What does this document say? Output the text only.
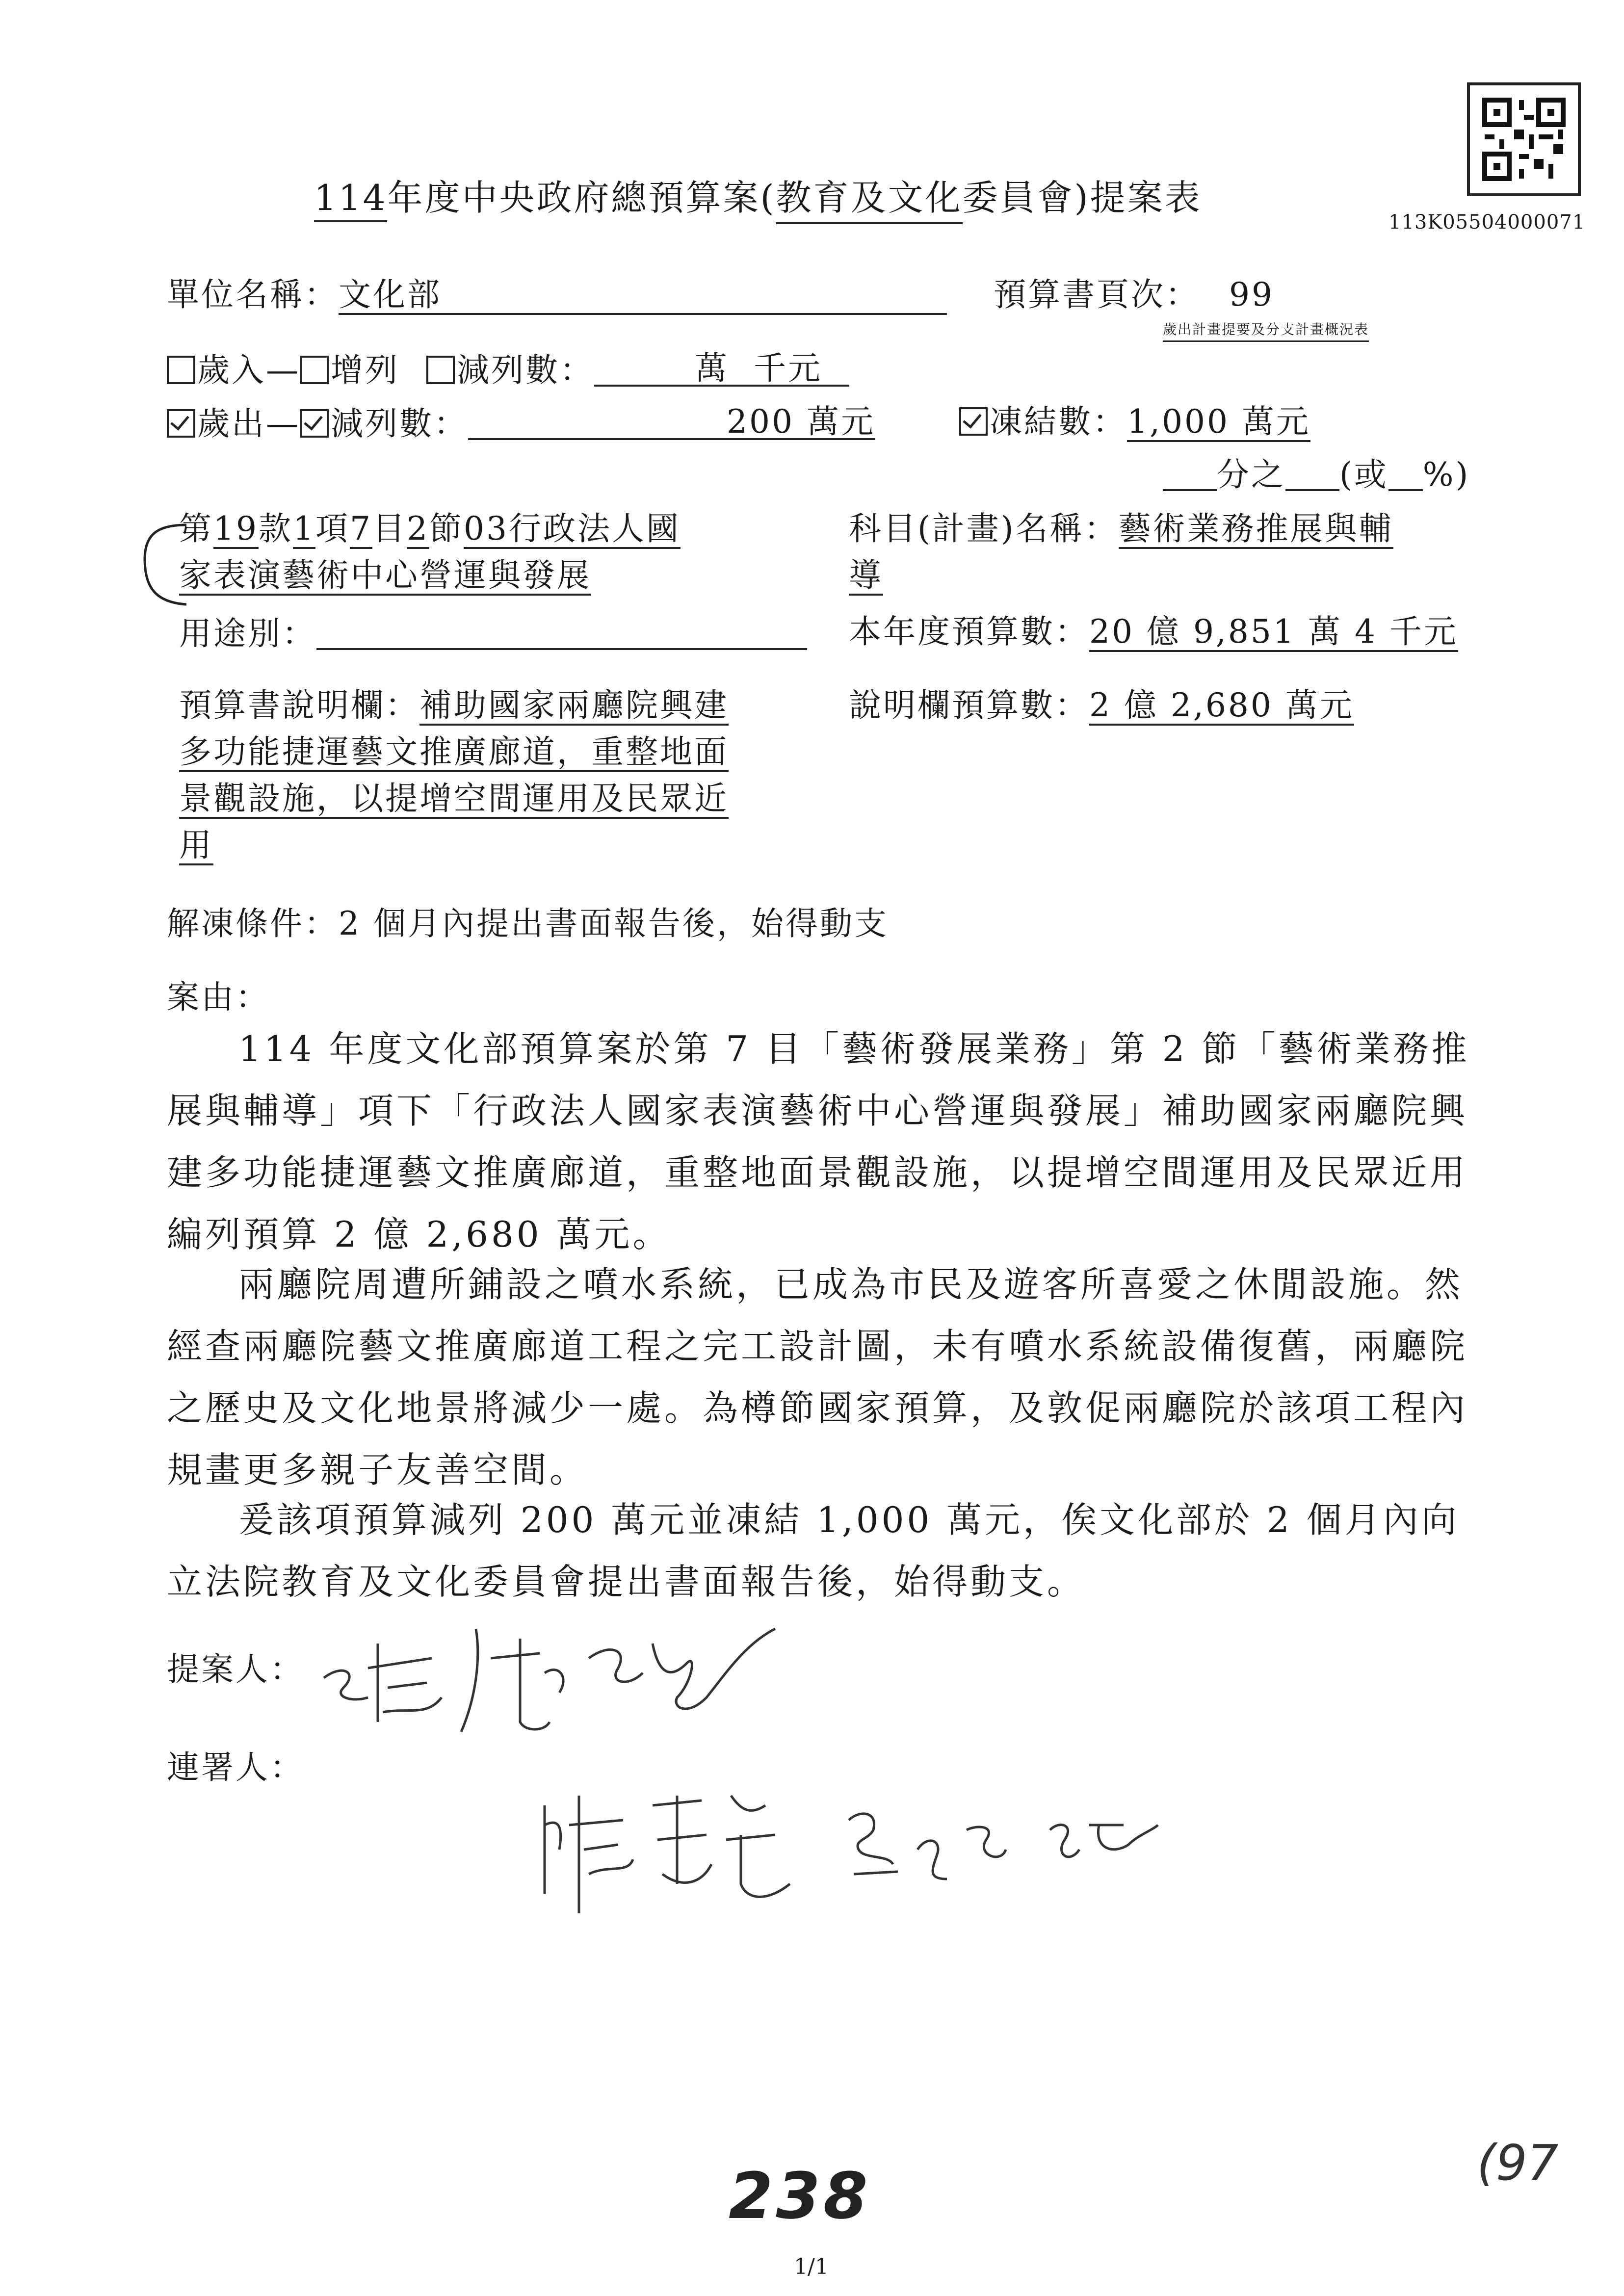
113K05504000071
114年度中央政府總預算案(教育及文化委員會)提案表
單位名稱：文化部	預算書頁次： 99
歲出計畫提要及分支計畫概況表
歲入— 增列 減列數：	萬 千元
歲出— 減列數：	200 萬元	凍結數：1,000 萬元
分之 (或 %)
第19款1項7目2節03行政法人國
家表演藝術中心營運與發展
科目(計畫)名稱：藝術業務推展與輔
導
用途別：	本年度預算數：20 億 9,851 萬 4 千元
預算書說明欄：補助國家兩廳院興建
多功能捷運藝文推廣廊道，重整地面
景觀設施，以提增空間運用及民眾近
用
說明欄預算數：2 億 2,680 萬元
解凍條件：2 個月內提出書面報告後，始得動支
案由：
114 年度文化部預算案於第 7 目「藝術發展業務」第 2 節「藝術業務推展與輔導」項下「行政法人國家表演藝術中心營運與發展」補助國家兩廳院興建多功能捷運藝文推廣廊道，重整地面景觀設施，以提增空間運用及民眾近用編列預算 2 億 2,680 萬元。
兩廳院周遭所鋪設之噴水系統，已成為市民及遊客所喜愛之休閒設施。然經查兩廳院藝文推廣廊道工程之完工設計圖，未有噴水系統設備復舊，兩廳院之歷史及文化地景將減少一處。為樽節國家預算，及敦促兩廳院於該項工程內規畫更多親子友善空間。
爰該項預算減列 200 萬元並凍結 1,000 萬元，俟文化部於 2 個月內向立法院教育及文化委員會提出書面報告後，始得動支。
提案人：
連署人：
238	(97
1/1
